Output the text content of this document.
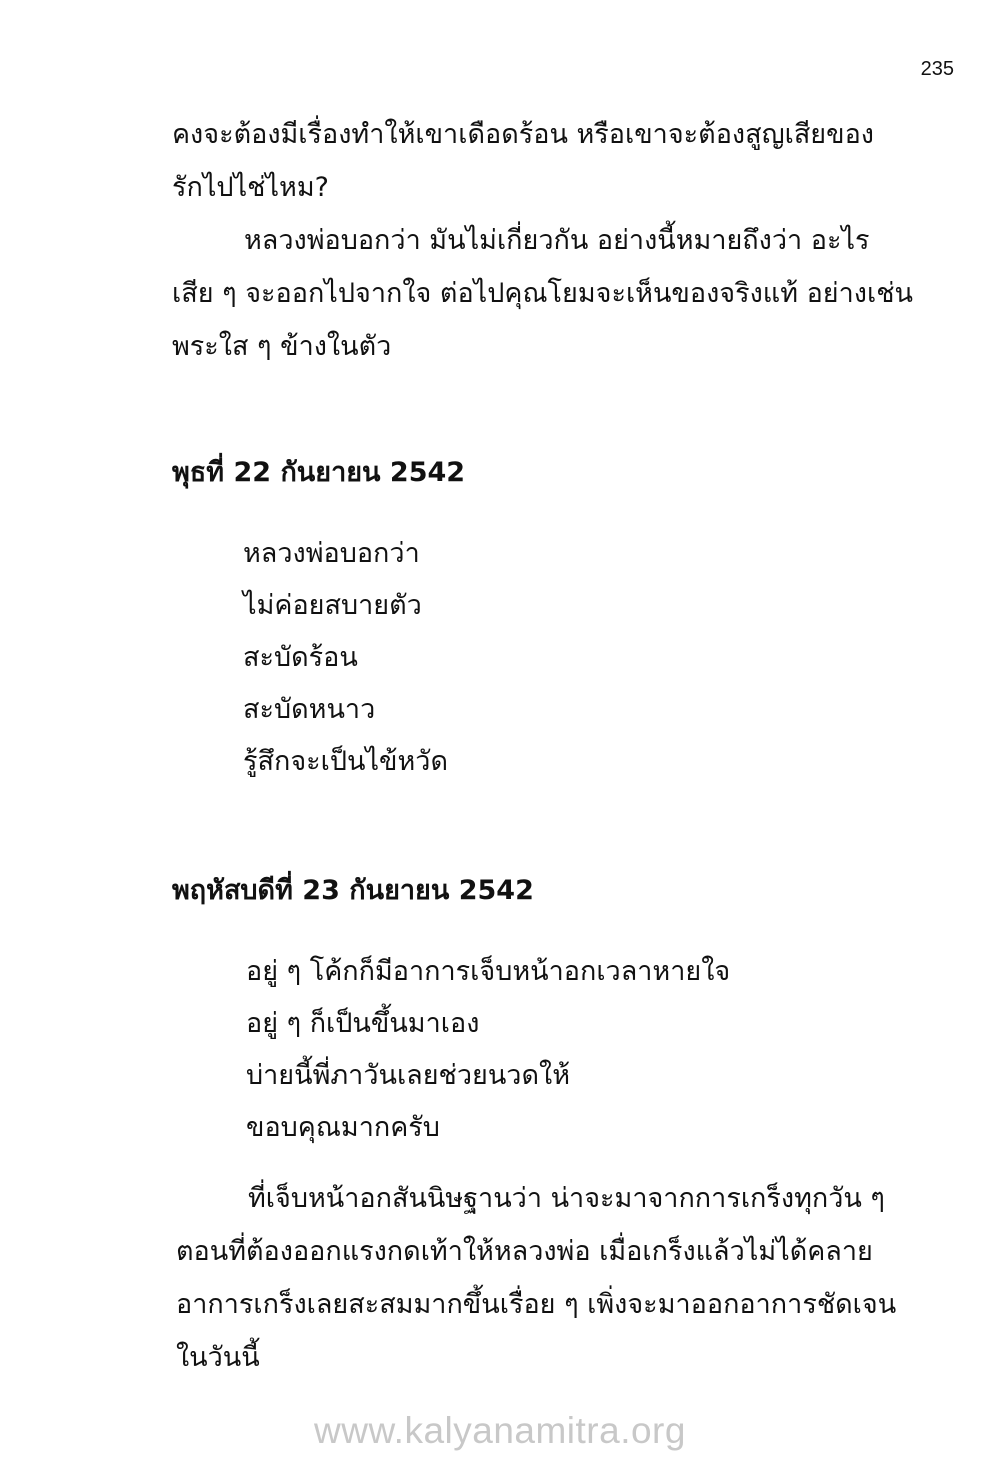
235

คงจะต้องมีเรื่องทำให้เขาเดือดร้อน หรือเขาจะต้องสูญเสียของ
รักไปไช่ไหม?
หลวงพ่อบอกว่า มันไม่เกี่ยวกัน อย่างนี้หมายถึงว่า อะไร
เสีย ๆ จะออกไปจากใจ ต่อไปคุณโยมจะเห็นของจริงแท้ อย่างเช่น
พระใส ๆ ข้างในตัว

พุธที่ 22 กันยายน 2542
หลวงพ่อบอกว่า
ไม่ค่อยสบายตัว
สะบัดร้อน
สะบัดหนาว
รู้สึกจะเป็นไข้หวัด
พฤหัสบดีที่ 23 กันยายน 2542
อยู่ ๆ โค้กก็มีอาการเจ็บหน้าอกเวลาหายใจ
อยู่ ๆ ก็เป็นขึ้นมาเอง
บ่ายนี้พี่ภาวันเลยช่วยนวดให้
ขอบคุณมากครับ

ที่เจ็บหน้าอกสันนิษฐานว่า น่าจะมาจากการเกร็งทุกวัน ๆ
ตอนที่ต้องออกแรงกดเท้าให้หลวงพ่อ เมื่อเกร็งแล้วไม่ได้คลาย
อาการเกร็งเลยสะสมมากขึ้นเรื่อย ๆ เพิ่งจะมาออกอาการชัดเจน
ในวันนี้

www.kalyanamitra.org
